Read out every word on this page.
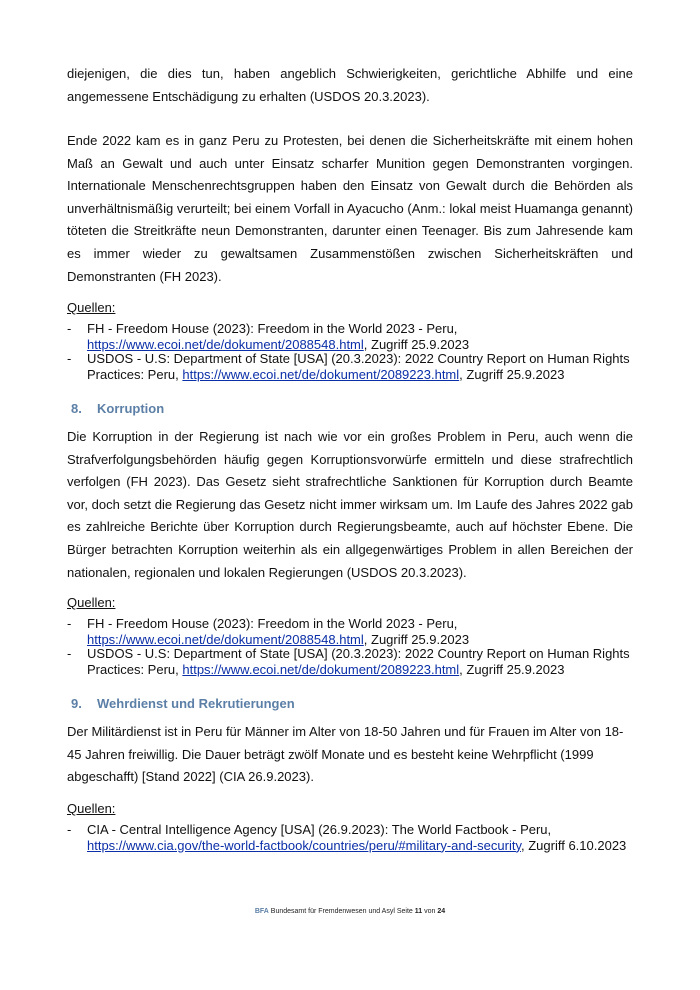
diejenigen, die dies tun, haben angeblich Schwierigkeiten, gerichtliche Abhilfe und eine angemessene Entschädigung zu erhalten (USDOS 20.3.2023).

Ende 2022 kam es in ganz Peru zu Protesten, bei denen die Sicherheitskräfte mit einem hohen Maß an Gewalt und auch unter Einsatz scharfer Munition gegen Demonstranten vorgingen. Internationale Menschenrechtsgruppen haben den Einsatz von Gewalt durch die Behörden als unverhältnismäßig verurteilt; bei einem Vorfall in Ayacucho (Anm.: lokal meist Huamanga genannt) töteten die Streitkräfte neun Demonstranten, darunter einen Teenager. Bis zum Jahresende kam es immer wieder zu gewaltsamen Zusammenstößen zwischen Sicherheitskräften und Demonstranten (FH 2023).

Quellen:

-	FH - Freedom House (2023): Freedom in the World 2023 - Peru,
https://www.ecoi.net/de/dokument/2088548.html, Zugriff 25.9.2023
-	USDOS - U.S: Department of State [USA] (20.3.2023): 2022 Country Report on Human Rights
Practices: Peru, https://www.ecoi.net/de/dokument/2089223.html, Zugriff 25.9.2023

8. Korruption

Die Korruption in der Regierung ist nach wie vor ein großes Problem in Peru, auch wenn die Strafverfolgungsbehörden häufig gegen Korruptionsvorwürfe ermitteln und diese strafrechtlich verfolgen (FH 2023). Das Gesetz sieht strafrechtliche Sanktionen für Korruption durch Beamte vor, doch setzt die Regierung das Gesetz nicht immer wirksam um. Im Laufe des Jahres 2022 gab es zahlreiche Berichte über Korruption durch Regierungsbeamte, auch auf höchster Ebene. Die Bürger betrachten Korruption weiterhin als ein allgegenwärtiges Problem in allen Bereichen der nationalen, regionalen und lokalen Regierungen (USDOS 20.3.2023).

Quellen:

-	FH - Freedom House (2023): Freedom in the World 2023 - Peru,
https://www.ecoi.net/de/dokument/2088548.html, Zugriff 25.9.2023
-	USDOS - U.S: Department of State [USA] (20.3.2023): 2022 Country Report on Human Rights
Practices: Peru, https://www.ecoi.net/de/dokument/2089223.html, Zugriff 25.9.2023

9. Wehrdienst und Rekrutierungen

Der Militärdienst ist in Peru für Männer im Alter von 18-50 Jahren und für Frauen im Alter von 18-
45 Jahren freiwillig. Die Dauer beträgt zwölf Monate und es besteht keine Wehrpflicht (1999
abgeschafft) [Stand 2022] (CIA 26.9.2023).

Quellen:

-	CIA - Central Intelligence Agency [USA] (26.9.2023): The World Factbook - Peru,
https://www.cia.gov/the-world-factbook/countries/peru/#military-and-security, Zugriff 6.10.2023
BFA Bundesamt für Fremdenwesen und Asyl Seite 11 von 24
